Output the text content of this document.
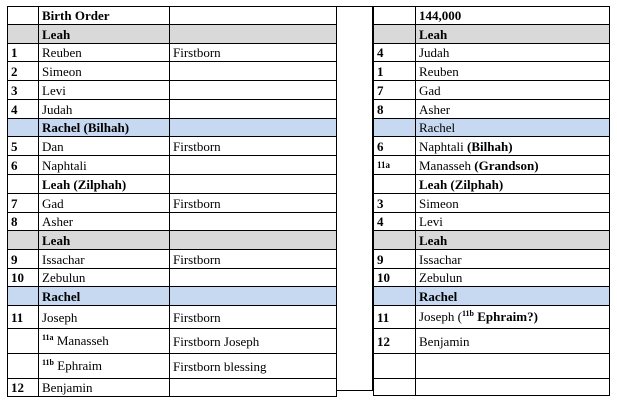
	Birth Order	
	Leah	
1	Reuben	Firstborn
2	Simeon	
3	Levi	
4	Judah	
	Rachel (Bilhah)	
5	Dan	Firstborn
6	Naphtali	
	Leah (Zilphah)	
7	Gad	Firstborn
8	Asher	
	Leah	
9	Issachar	Firstborn
10	Zebulun	
	Rachel	
11	Joseph	Firstborn
	$^{11a}$ Manasseh	Firstborn Joseph
	$^{11b}$ Ephraim	Firstborn blessing
12	Benjamin	

	144,000
	Leah
4	Judah
1	Reuben
7	Gad
8	Asher
	Rachel
6	Naphtali (Bilhah)
11a	Manasseh (Grandson)
	Leah (Zilphah)
3	Simeon
4	Levi
	Leah
9	Issachar
10	Zebulun
	Rachel
11	Joseph ($^{11b}$ Ephraim?)
12	Benjamin
